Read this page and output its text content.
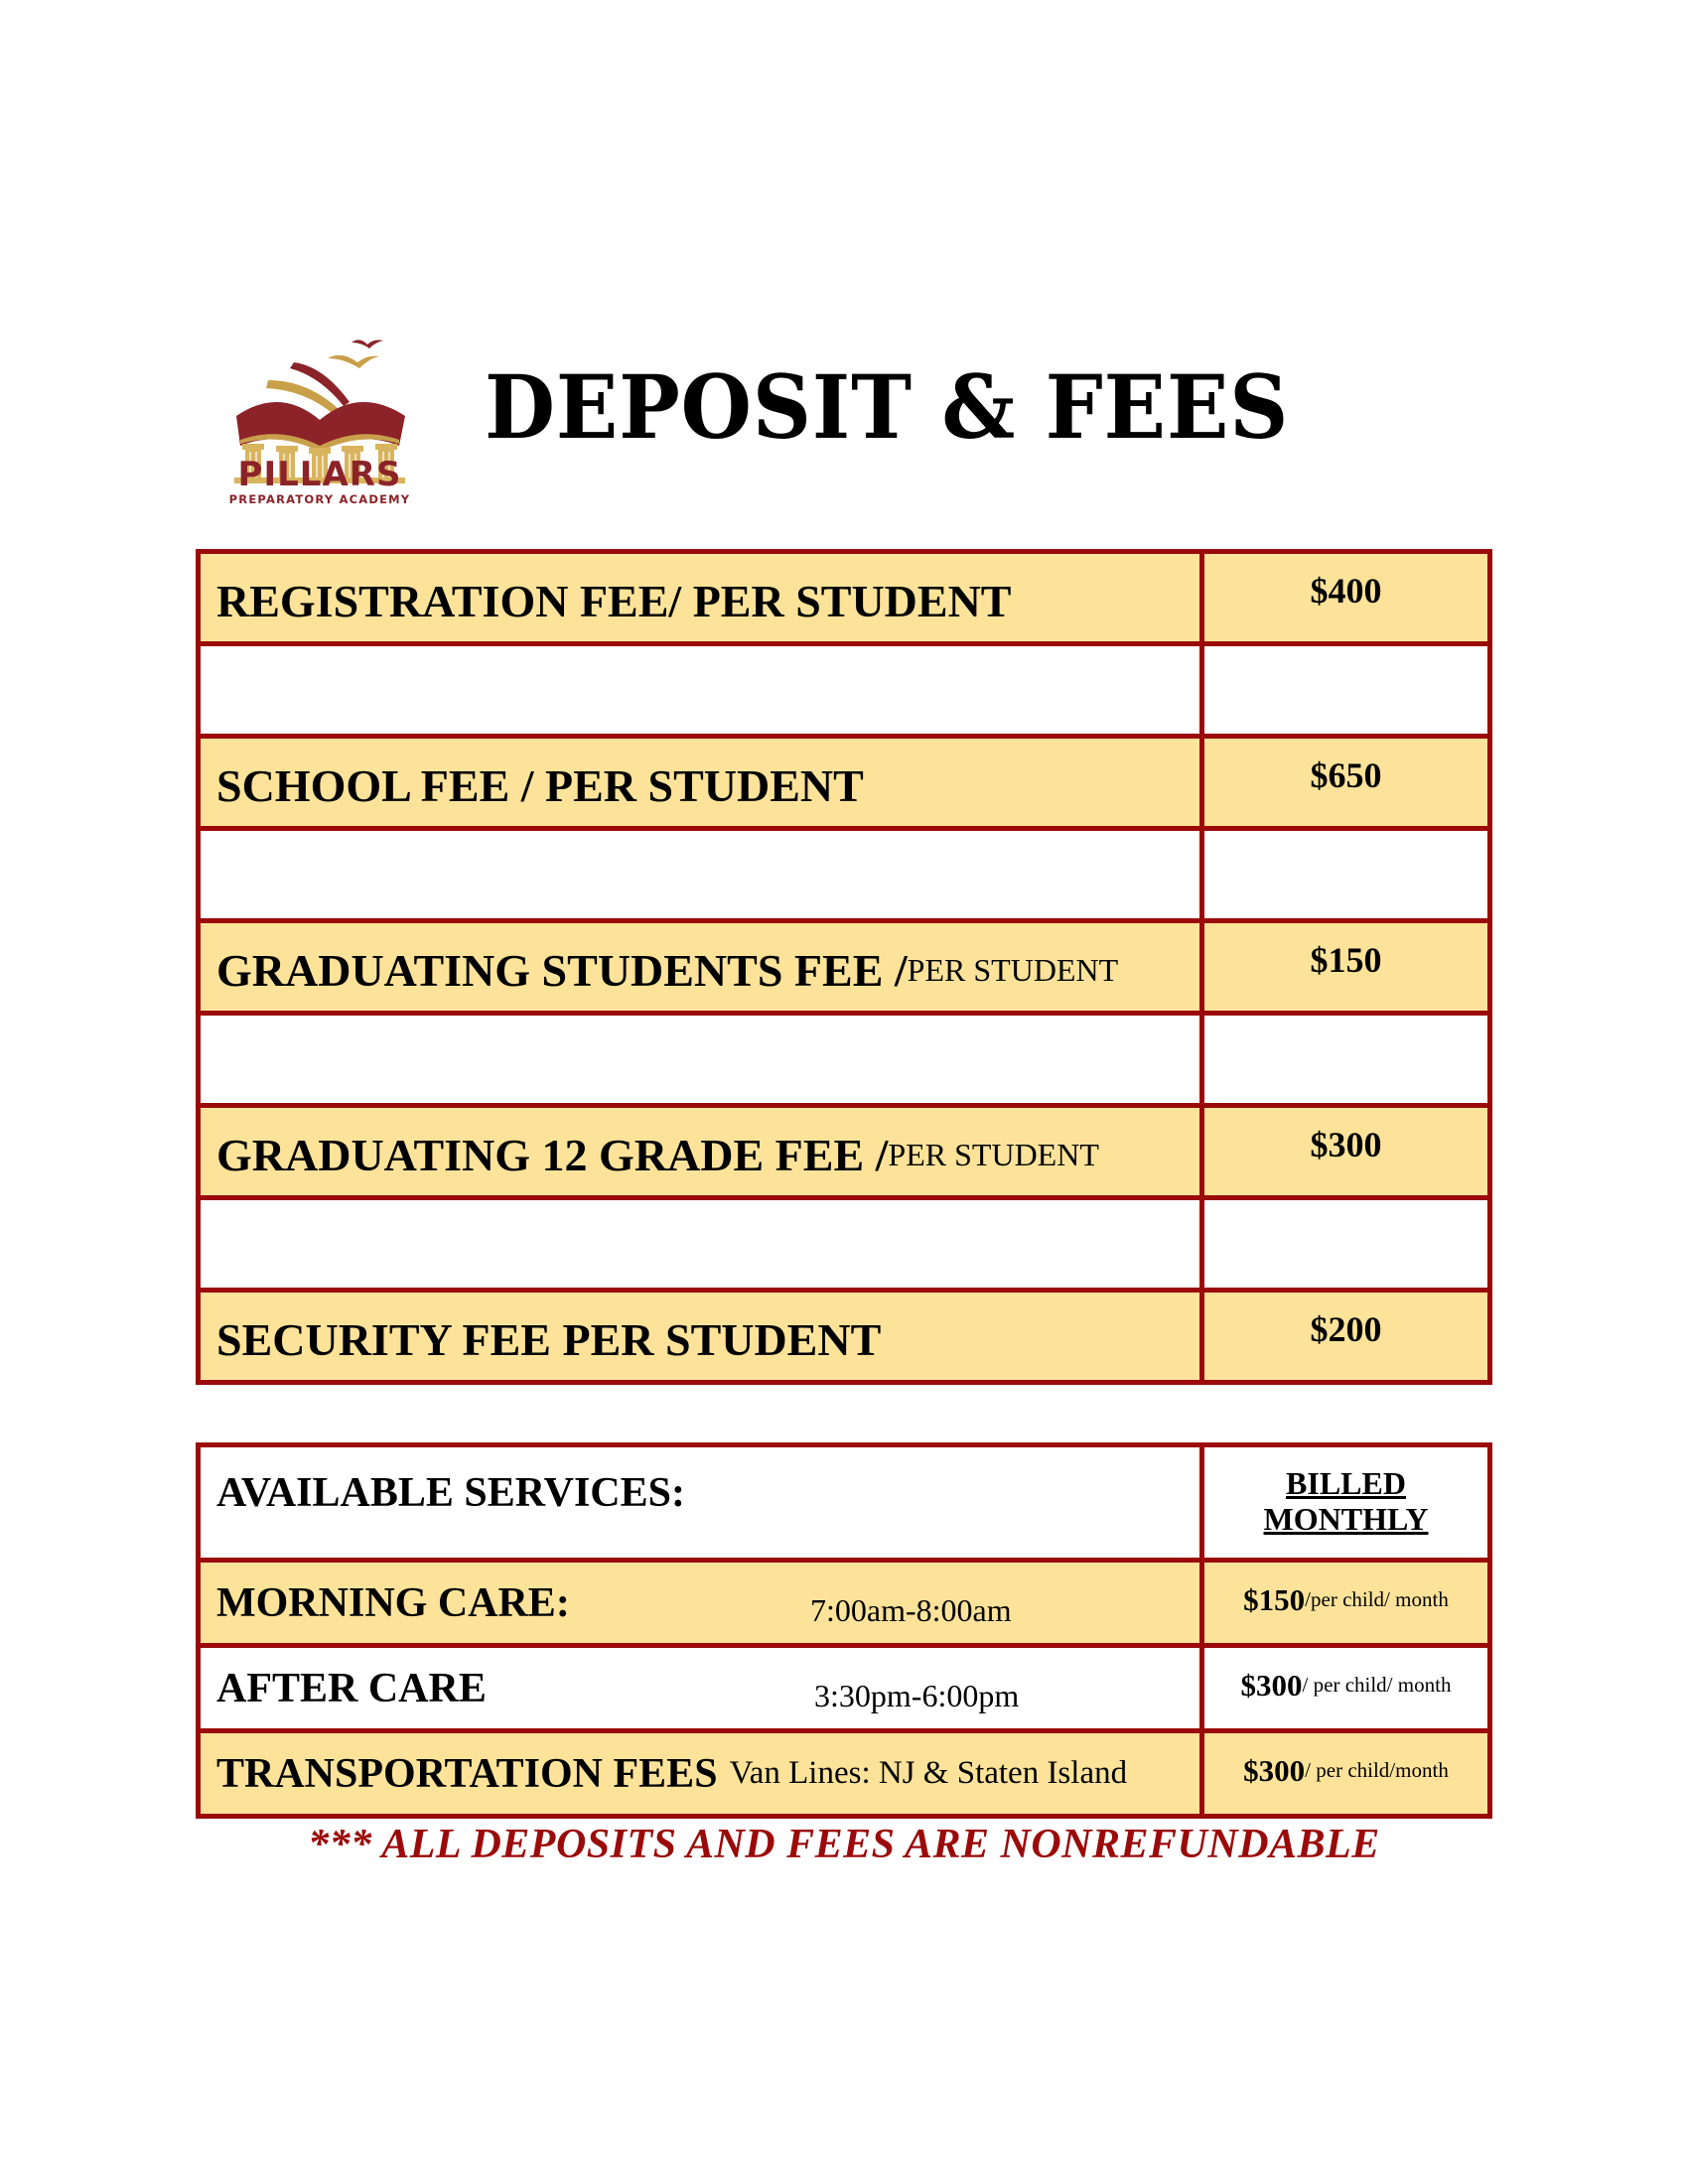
PILLARS
PREPARATORY ACADEMY
DEPOSIT & FEES
REGISTRATION FEE/ PER STUDENT	$400
SCHOOL FEE / PER STUDENT	$650
GRADUATING STUDENTS FEE / PER STUDENT	$150
GRADUATING 12 GRADE FEE / PER STUDENT	$300
SECURITY FEE PER STUDENT	$200
AVAILABLE SERVICES:	BILLED
MONTHLY
MORNING CARE:	7:00am-8:00am	$150 /per child/ month
AFTER CARE	3:30pm-6:00pm	$300 / per child/ month
TRANSPORTATION FEES Van Lines: NJ & Staten Island	$300 / per child/month
*** ALL DEPOSITS AND FEES ARE NONREFUNDABLE
